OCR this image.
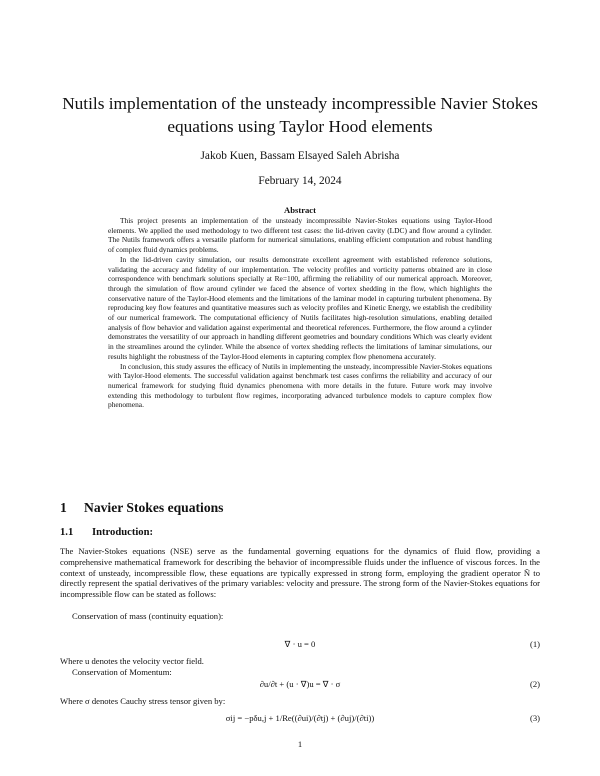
Nutils implementation of the unsteady incompressible Navier Stokes equations using Taylor Hood elements
Jakob Kuen, Bassam Elsayed Saleh Abrisha
February 14, 2024
Abstract

This project presents an implementation of the unsteady incompressible Navier-Stokes equations using Taylor-Hood elements. We applied the used methodology to two different test cases: the lid-driven cavity (LDC) and flow around a cylinder. The Nutils framework offers a versatile platform for numerical simulations, enabling efficient computation and robust handling of complex fluid dynamics problems.

In the lid-driven cavity simulation, our results demonstrate excellent agreement with established reference solutions, validating the accuracy and fidelity of our implementation. The velocity profiles and vorticity patterns obtained are in close correspondence with benchmark solutions specially at Re=100, affirming the reliability of our numerical approach. Moreover, through the simulation of flow around cylinder we faced the absence of vortex shedding in the flow, which highlights the conservative nature of the Taylor-Hood elements and the limitations of the laminar model in capturing turbulent phenomena. By reproducing key flow features and quantitative measures such as velocity profiles and Kinetic Energy, we establish the credibility of our numerical framework. The computational efficiency of Nutils facilitates high-resolution simulations, enabling detailed analysis of flow behavior and validation against experimental and theoretical references. Furthermore, the flow around a cylinder demonstrates the versatility of our approach in handling different geometries and boundary conditions Which was clearly evident in the streamlines around the cylinder. While the absence of vortex shedding reflects the limitations of laminar simulations, our results highlight the robustness of the Taylor-Hood elements in capturing complex flow phenomena accurately.

In conclusion, this study assures the efficacy of Nutils in implementing the unsteady, incompressible Navier-Stokes equations with Taylor-Hood elements. The successful validation against benchmark test cases confirms the reliability and accuracy of our numerical framework for studying fluid dynamics phenomena with more details in the future. Future work may involve extending this methodology to turbulent flow regimes, incorporating advanced turbulence models to capture complex flow phenomena.

1 Navier Stokes equations
1.1 Introduction:
The Navier-Stokes equations (NSE) serve as the fundamental governing equations for the dynamics of fluid flow, providing a comprehensive mathematical framework for describing the behavior of incompressible fluids under the influence of viscous forces. In the context of unsteady, incompressible flow, these equations are typically expressed in strong form, employing the gradient operator Ñ to directly represent the spatial derivatives of the primary variables: velocity and pressure. The strong form of the Navier-Stokes equations for incompressible flow can be stated as follows:
Conservation of mass (continuity equation):
∇ · u = 0	(1)
Where u denotes the velocity vector field.
Conservation of Momentum:
∂u/∂t + (u · ∇)u = ∇ · σ	(2)
Where σ denotes Cauchy stress tensor given by:
σij = −pδu,j + 1/Re((∂ui)/(∂tj) + (∂uj)/(∂ti))	(3)
1
